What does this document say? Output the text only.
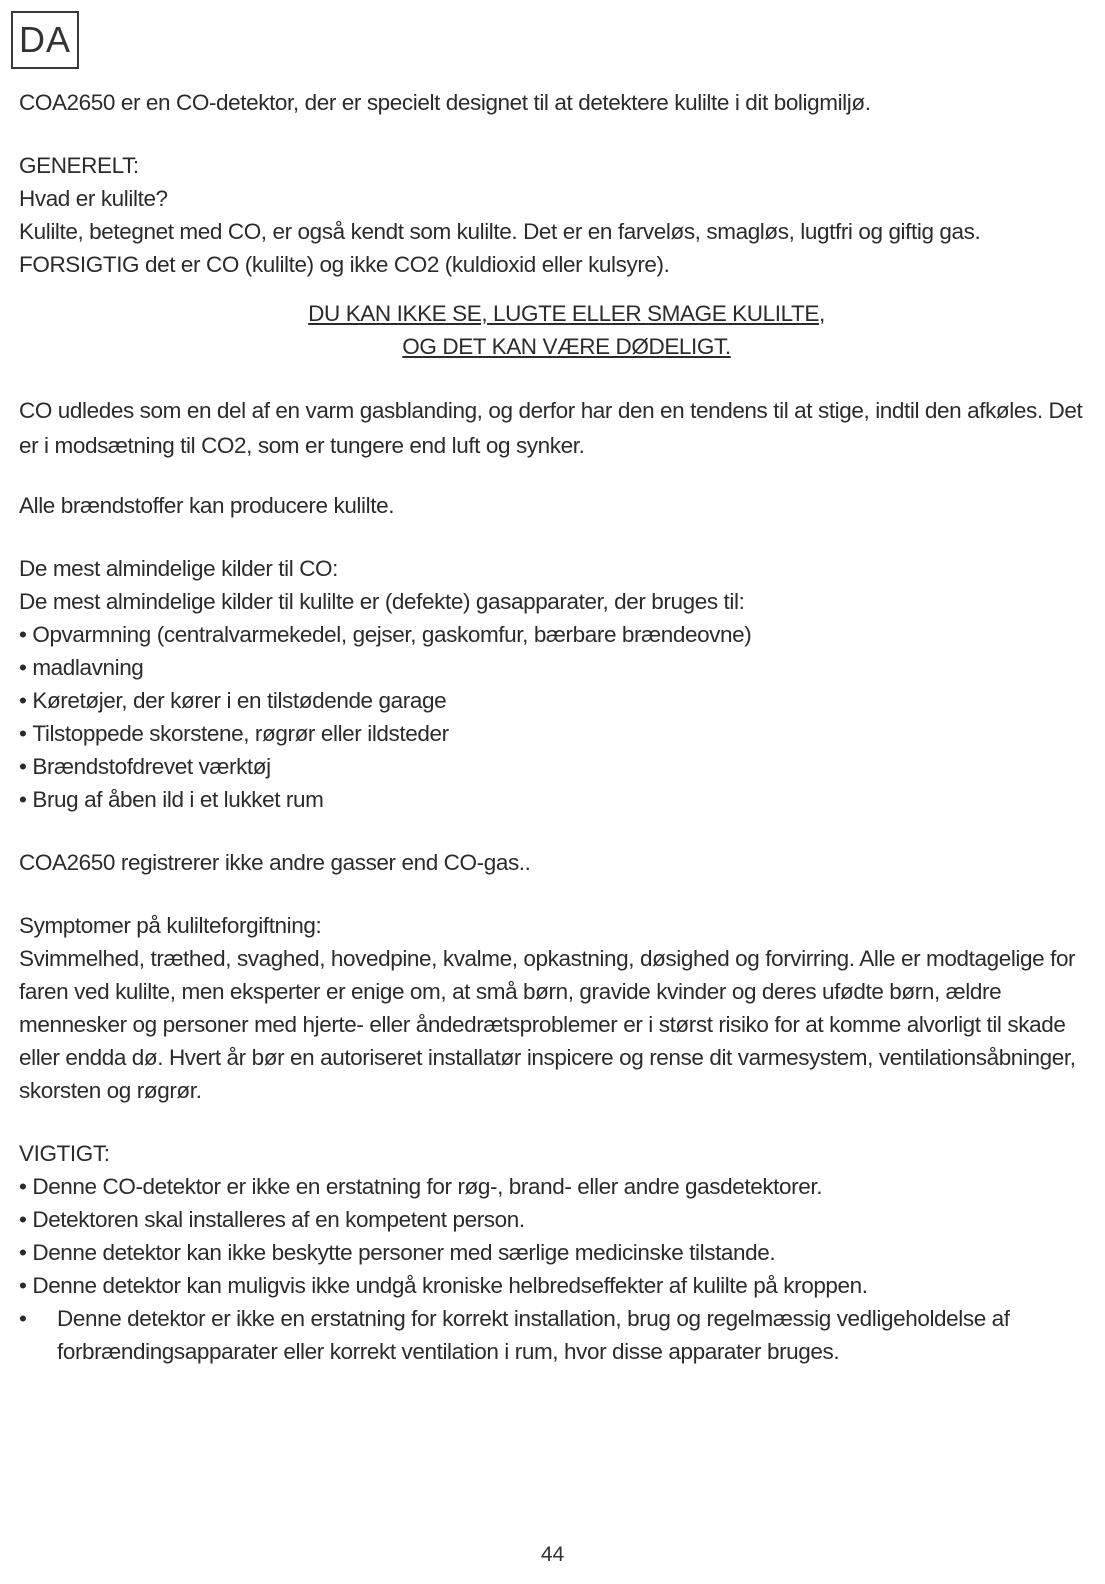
DA

COA2650 er en CO-detektor, der er specielt designet til at detektere kulilte i dit boligmiljø.

GENERELT:

Hvad er kulilte?

Kulilte, betegnet med CO, er også kendt som kulilte. Det er en farveløs, smagløs, lugtfri og giftig gas.

FORSIGTIG det er CO (kulilte) og ikke CO2 (kuldioxid eller kulsyre).

DU KAN IKKE SE, LUGTE ELLER SMAGE KULILTE,

OG DET KAN VÆRE DØDELIGT.

CO udledes som en del af en varm gasblanding, og derfor har den en tendens til at stige, indtil den afkøles. Det er i modsætning til CO2, som er tungere end luft og synker.

Alle brændstoffer kan producere kulilte.

De mest almindelige kilder til CO:

De mest almindelige kilder til kulilte er (defekte) gasapparater, der bruges til:

• Opvarmning (centralvarmekedel, gejser, gaskomfur, bærbare brændeovne)
• madlavning
• Køretøjer, der kører i en tilstødende garage
• Tilstoppede skorstene, røgrør eller ildsteder
• Brændstofdrevet værktøj
• Brug af åben ild i et lukket rum

COA2650 registrerer ikke andre gasser end CO-gas..

Symptomer på kulilteforgiftning:

Svimmelhed, træthed, svaghed, hovedpine, kvalme, opkastning, døsighed og forvirring. Alle er modtagelige for faren ved kulilte, men eksperter er enige om, at små børn, gravide kvinder og deres ufødte børn, ældre mennesker og personer med hjerte- eller åndedrætsproblemer er i størst risiko for at komme alvorligt til skade eller endda dø. Hvert år bør en autoriseret installatør inspicere og rense dit varmesystem, ventilationsåbninger, skorsten og røgrør.

VIGTIGT:

• Denne CO-detektor er ikke en erstatning for røg-, brand- eller andre gasdetektorer.
• Detektoren skal installeres af en kompetent person.
• Denne detektor kan ikke beskytte personer med særlige medicinske tilstande.
• Denne detektor kan muligvis ikke undgå kroniske helbredseffekter af kulilte på kroppen.
•	Denne detektor er ikke en erstatning for korrekt installation, brug og regelmæssig vedligeholdelse af forbrændingsapparater eller korrekt ventilation i rum, hvor disse apparater bruges.
44
